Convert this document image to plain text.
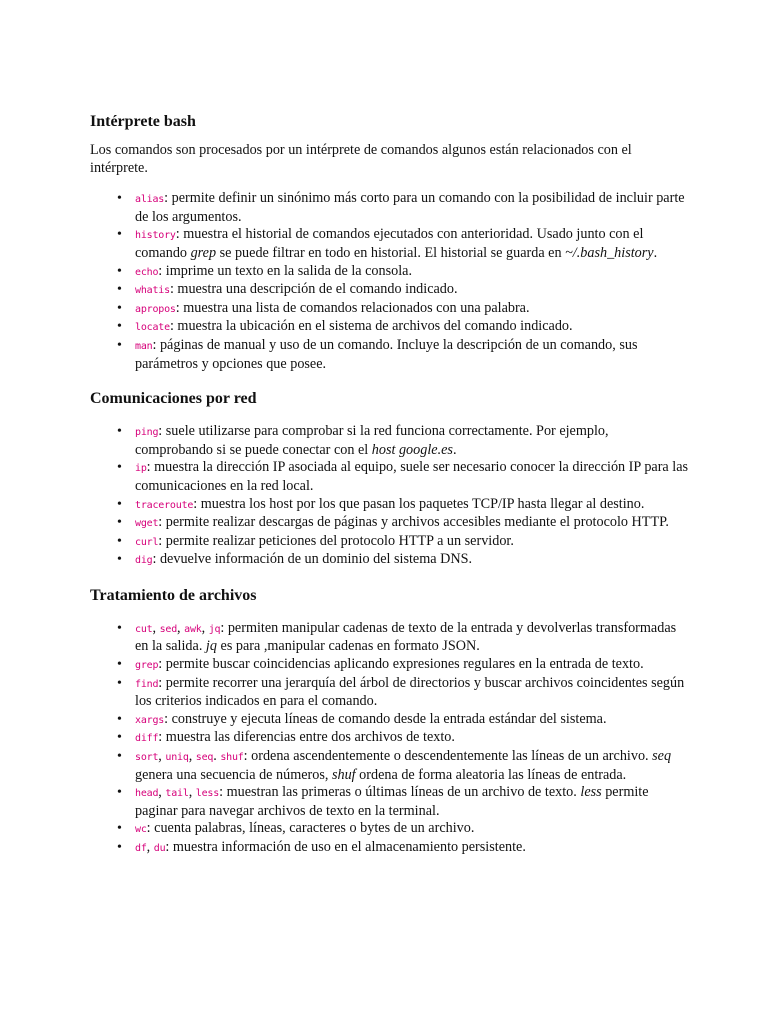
Intérprete bash

Los comandos son procesados por un intérprete de comandos algunos están relacionados con el intérprete.

• alias: permite definir un sinónimo más corto para un comando con la posibilidad de incluir parte de los argumentos.
• history: muestra el historial de comandos ejecutados con anterioridad. Usado junto con el comando grep se puede filtrar en todo en historial. El historial se guarda en ~/.bash_history.
• echo: imprime un texto en la salida de la consola.
• whatis: muestra una descripción de el comando indicado.
• apropos: muestra una lista de comandos relacionados con una palabra.
• locate: muestra la ubicación en el sistema de archivos del comando indicado.
• man: páginas de manual y uso de un comando. Incluye la descripción de un comando, sus parámetros y opciones que posee.
Comunicaciones por red
• ping: suele utilizarse para comprobar si la red funciona correctamente. Por ejemplo, comprobando si se puede conectar con el host google.es.
• ip: muestra la dirección IP asociada al equipo, suele ser necesario conocer la dirección IP para las comunicaciones en la red local.
• traceroute: muestra los host por los que pasan los paquetes TCP/IP hasta llegar al destino.
• wget: permite realizar descargas de páginas y archivos accesibles mediante el protocolo HTTP.
• curl: permite realizar peticiones del protocolo HTTP a un servidor.
• dig: devuelve información de un dominio del sistema DNS.
Tratamiento de archivos
• cut, sed, awk, jq: permiten manipular cadenas de texto de la entrada y devolverlas transformadas en la salida. jq es para ,manipular cadenas en formato JSON.
• grep: permite buscar coincidencias aplicando expresiones regulares en la entrada de texto.
• find: permite recorrer una jerarquía del árbol de directorios y buscar archivos coincidentes según los criterios indicados en para el comando.
• xargs: construye y ejecuta líneas de comando desde la entrada estándar del sistema.
• diff: muestra las diferencias entre dos archivos de texto.
• sort, uniq, seq. shuf: ordena ascendentemente o descendentemente las líneas de un archivo. seq genera una secuencia de números, shuf ordena de forma aleatoria las líneas de entrada.
• head, tail, less: muestran las primeras o últimas líneas de un archivo de texto. less permite paginar para navegar archivos de texto en la terminal.
• wc: cuenta palabras, líneas, caracteres o bytes de un archivo.
• df, du: muestra información de uso en el almacenamiento persistente.
